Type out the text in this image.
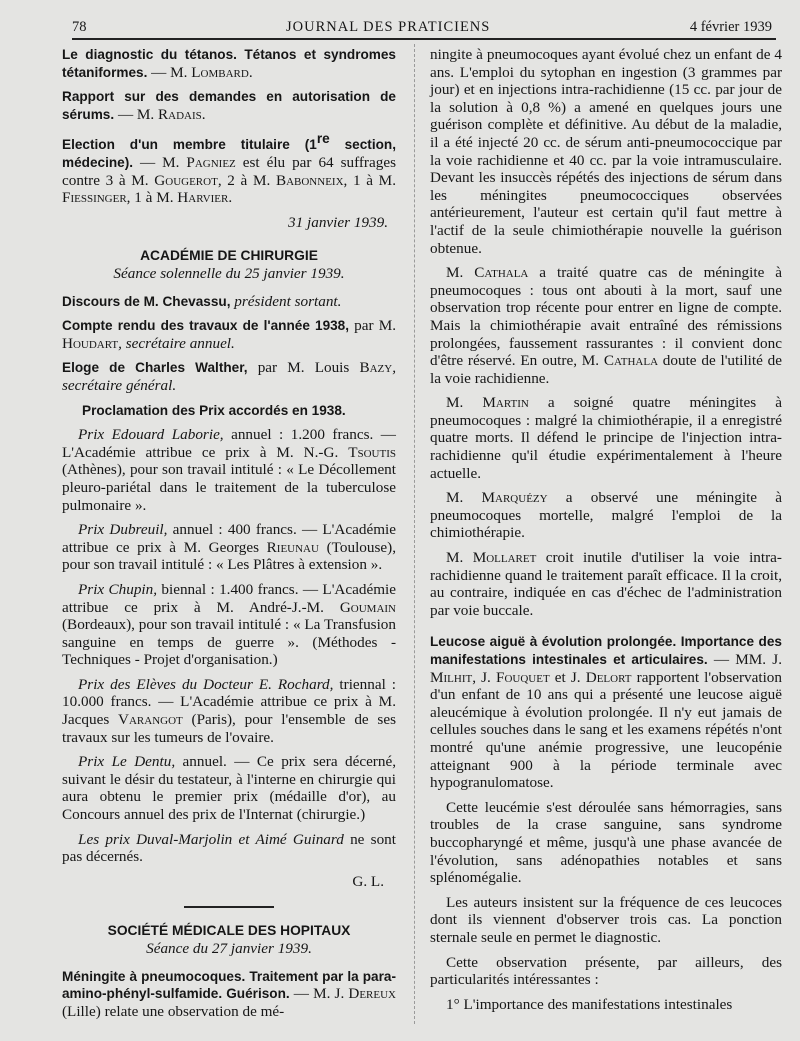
78	JOURNAL DES PRATICIENS	4 février 1939

Le diagnostic du tétanos. Tétanos et syndromes tétaniformes. — M. Lombard.

Rapport sur des demandes en autorisation de sérums. — M. Radais.

Election d'un membre titulaire (1re section, médecine). — M. Pagniez est élu par 64 suffrages contre 3 à M. Gougerot, 2 à M. Babonneix, 1 à M. Fiessinger, 1 à M. Harvier.

31 janvier 1939.
ACADÉMIE DE CHIRURGIE
Séance solennelle du 25 janvier 1939.

Discours de M. Chevassu, président sortant.

Compte rendu des travaux de l'année 1938, par M. Houdart, secrétaire annuel.

Eloge de Charles Walther, par M. Louis Bazy, secrétaire général.

Proclamation des Prix accordés en 1938.

Prix Edouard Laborie, annuel : 1.200 francs. — L'Académie attribue ce prix à M. N.-G. Tsoutis (Athènes), pour son travail intitulé : « Le Décollement pleuro-pariétal dans le traitement de la tuberculose pulmonaire ».

Prix Dubreuil, annuel : 400 francs. — L'Académie attribue ce prix à M. Georges Rieunau (Toulouse), pour son travail intitulé : « Les Plâtres à extension ».

Prix Chupin, biennal : 1.400 francs. — L'Académie attribue ce prix à M. André-J.-M. Goumain (Bordeaux), pour son travail intitulé : « La Transfusion sanguine en temps de guerre ». (Méthodes - Techniques - Projet d'organisation.)

Prix des Elèves du Docteur E. Rochard, triennal : 10.000 francs. — L'Académie attribue ce prix à M. Jacques Varangot (Paris), pour l'ensemble de ses travaux sur les tumeurs de l'ovaire.

Prix Le Dentu, annuel. — Ce prix sera décerné, suivant le désir du testateur, à l'interne en chirurgie qui aura obtenu le premier prix (médaille d'or), au Concours annuel des prix de l'Internat (chirurgie.)

Les prix Duval-Marjolin et Aimé Guinard ne sont pas décernés.

G. L.
SOCIÉTÉ MÉDICALE DES HOPITAUX
Séance du 27 janvier 1939.

Méningite à pneumocoques. Traitement par la para-amino-phényl-sulfamide. Guérison. — M. J. Dereux (Lille) relate une observation de mé-

ningite à pneumocoques ayant évolué chez un enfant de 4 ans. L'emploi du sytophan en ingestion (3 grammes par jour) et en injections intra-rachidienne (15 cc. par jour de la solution à 0,8 %) a amené en quelques jours une guérison complète et définitive. Au début de la maladie, il a été injecté 20 cc. de sérum anti-pneumococcique par la voie rachidienne et 40 cc. par la voie intramusculaire. Devant les insuccès répétés des injections de sérum dans les méningites pneumococciques observées antérieurement, l'auteur est certain qu'il faut mettre à l'actif de la seule chimiothérapie nouvelle la guérison obtenue.

M. Cathala a traité quatre cas de méningite à pneumocoques : tous ont abouti à la mort, sauf une observation trop récente pour entrer en ligne de compte. Mais la chimiothérapie avait entraîné des rémissions prolongées, faussement rassurantes : il convient donc d'être réservé. En outre, M. Cathala doute de l'utilité de la voie rachidienne.

M. Martin a soigné quatre méningites à pneumocoques : malgré la chimiothérapie, il a enregistré quatre morts. Il défend le principe de l'injection intra-rachidienne qu'il étudie expérimentalement à l'heure actuelle.

M. Marquézy a observé une méningite à pneumocoques mortelle, malgré l'emploi de la chimiothérapie.

M. Mollaret croit inutile d'utiliser la voie intra-rachidienne quand le traitement paraît efficace. Il la croit, au contraire, indiquée en cas d'échec de l'administration par voie buccale.

Leucose aiguë à évolution prolongée. Importance des manifestations intestinales et articulaires. — MM. J. Milhit, J. Fouquet et J. Delort rapportent l'observation d'un enfant de 10 ans qui a présenté une leucose aiguë aleucémique à évolution prolongée. Il n'y eut jamais de cellules souches dans le sang et les examens répétés n'ont montré qu'une anémie progressive, une leucopénie atteignant 900 à la période terminale avec hypogranulomatose.

Cette leucémie s'est déroulée sans hémorragies, sans troubles de la crase sanguine, sans syndrome buccopharyngé et même, jusqu'à une phase avancée de l'évolution, sans adénopathies notables et sans splénomégalie.

Les auteurs insistent sur la fréquence de ces leucoces dont ils viennent d'observer trois cas. La ponction sternale seule en permet le diagnostic.

Cette observation présente, par ailleurs, des particularités intéressantes :

1° L'importance des manifestations intestinales
